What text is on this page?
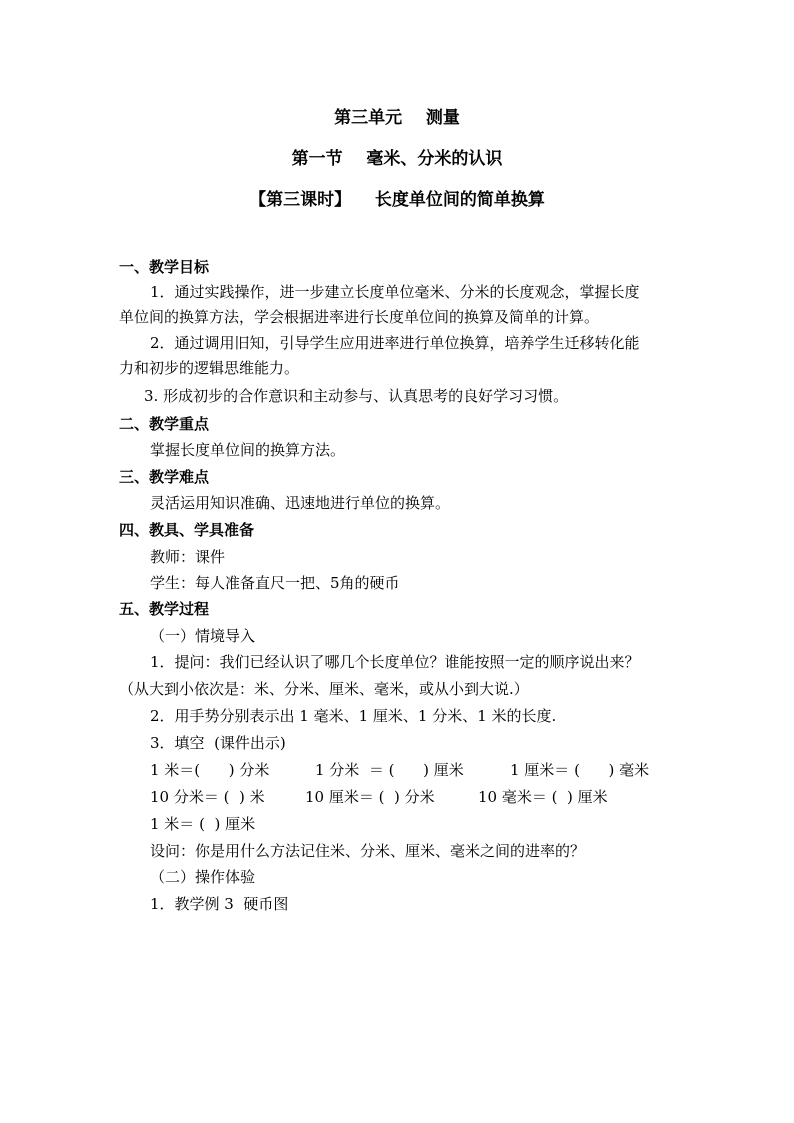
第三单元    测量
第一节    毫米、分米的认识
【第三课时】    长度单位间的简单换算
一、教学目标
1．通过实践操作，进一步建立长度单位毫米、分米的长度观念，掌握长度
单位间的换算方法，学会根据进率进行长度单位间的换算及简单的计算。
2．通过调用旧知，引导学生应用进率进行单位换算，培养学生迁移转化能
力和初步的逻辑思维能力。
3. 形成初步的合作意识和主动参与、认真思考的良好学习习惯。
二、教学重点
掌握长度单位间的换算方法。
三、教学难点
灵活运用知识准确、迅速地进行单位的换算。
四、教具、学具准备
教师：课件
学生：每人准备直尺一把、5角的硬币
五、教学过程
（一）情境导入
1．提问：我们已经认识了哪几个长度单位？谁能按照一定的顺序说出来？
（从大到小依次是：米、分米、厘米、毫米，或从小到大说.）
2．用手势分别表示出 1 毫米、1 厘米、1 分米、1 米的长度.
3．填空  (课件出示)
1 米＝(      ) 分米	1 分米  ＝ (      ) 厘米	1 厘米＝ (      ) 毫米
10 分米＝ (  ) 米	10 厘米＝ (  ) 分米	10 毫米＝ (  ) 厘米
1 米＝ (  ) 厘米
设问：你是用什么方法记住米、分米、厘米、毫米之间的进率的？
（二）操作体验
1．教学例 3  硬币图
